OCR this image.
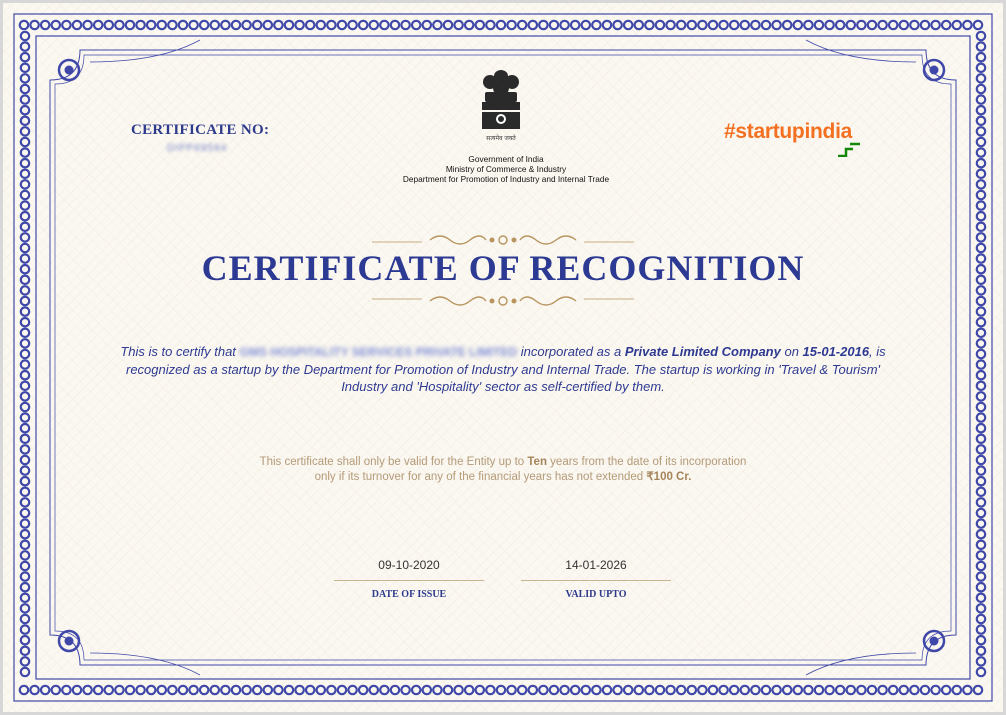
CERTIFICATE NO:
DIPP69594
सत्यमेव जयते
Government of India
Ministry of Commerce & Industry
Department for Promotion of Industry and Internal Trade
#startupindia
CERTIFICATE OF RECOGNITION
This is to certify that GMS HOSPITALITY SERVICES PRIVATE LIMITED incorporated as a Private Limited Company on 15-01-2016, is recognized as a startup by the Department for Promotion of Industry and Internal Trade. The startup is working in 'Travel & Tourism' Industry and 'Hospitality' sector as self-certified by them.
This certificate shall only be valid for the Entity up to Ten years from the date of its incorporation
only if its turnover for any of the financial years has not extended ₹100 Cr.
09-10-2020
DATE OF ISSUE
14-01-2026
VALID UPTO
